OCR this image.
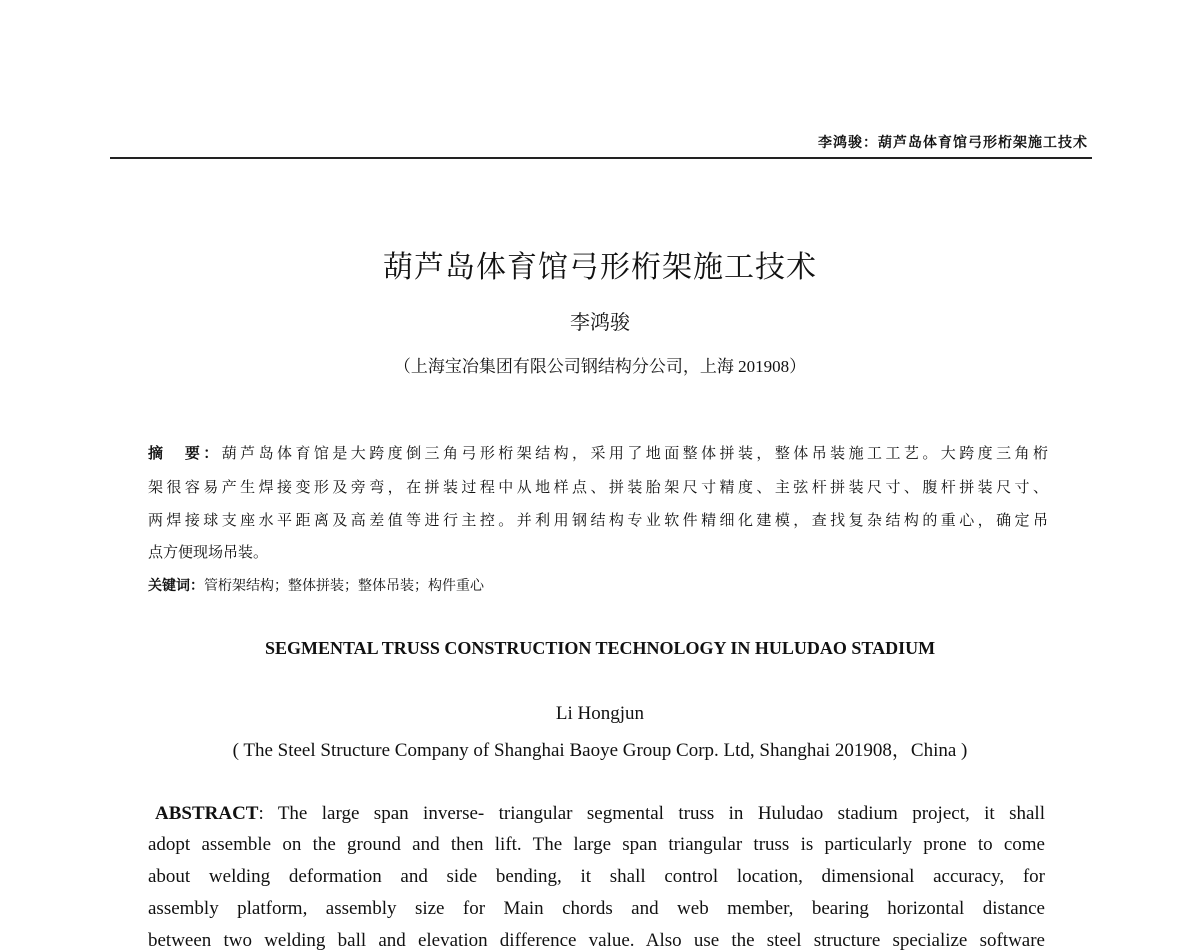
李鸿骏：葫芦岛体育馆弓形桁架施工技术
葫芦岛体育馆弓形桁架施工技术
李鸿骏
（上海宝冶集团有限公司钢结构分公司，上海 201908）
摘　要：葫芦岛体育馆是大跨度倒三角弓形桁架结构，采用了地面整体拼装，整体吊装施工工艺。大跨度三角桁
架很容易产生焊接变形及旁弯，在拼装过程中从地样点、拼装胎架尺寸精度、主弦杆拼装尺寸、腹杆拼装尺寸、
两焊接球支座水平距离及高差值等进行主控。并利用钢结构专业软件精细化建模，查找复杂结构的重心，确定吊
点方便现场吊装。
关键词：管桁架结构；整体拼装；整体吊装；构件重心
SEGMENTAL TRUSS CONSTRUCTION TECHNOLOGY IN HULUDAO STADIUM
Li Hongjun
( The Steel Structure Company of Shanghai Baoye Group Corp. Ltd, Shanghai 201908，China )
ABSTRACT: The large span inverse- triangular segmental truss in Huludao stadium project, it shall
adopt assemble on the ground and then lift. The large span triangular truss is particularly prone to come
about welding deformation and side bending, it shall control location, dimensional accuracy, for
assembly platform, assembly size for Main chords and web member, bearing horizontal distance
between two welding ball and elevation difference value. Also use the steel structure specialize software
